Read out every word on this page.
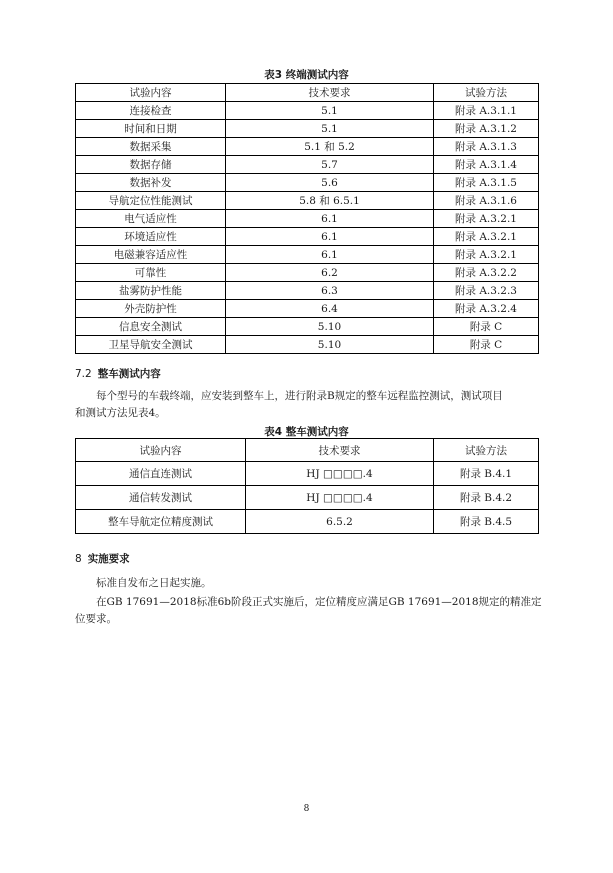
表3 终端测试内容
试验内容	技术要求	试验方法
连接检查	5.1	附录 A.3.1.1
时间和日期	5.1	附录 A.3.1.2
数据采集	5.1 和 5.2	附录 A.3.1.3
数据存储	5.7	附录 A.3.1.4
数据补发	5.6	附录 A.3.1.5
导航定位性能测试	5.8 和 6.5.1	附录 A.3.1.6
电气适应性	6.1	附录 A.3.2.1
环境适应性	6.1	附录 A.3.2.1
电磁兼容适应性	6.1	附录 A.3.2.1
可靠性	6.2	附录 A.3.2.2
盐雾防护性能	6.3	附录 A.3.2.3
外壳防护性	6.4	附录 A.3.2.4
信息安全测试	5.10	附录 C
卫星导航安全测试	5.10	附录 C
7.2 整车测试内容
每个型号的车载终端，应安装到整车上，进行附录B规定的整车远程监控测试，测试项目
和测试方法见表4。
表4 整车测试内容
试验内容	技术要求	试验方法
通信直连测试	HJ □□□□.4	附录 B.4.1
通信转发测试	HJ □□□□.4	附录 B.4.2
整车导航定位精度测试	6.5.2	附录 B.4.5
8 实施要求
标准自发布之日起实施。
在GB 17691—2018标准6b阶段正式实施后，定位精度应满足GB 17691—2018规定的精准定
位要求。
8
